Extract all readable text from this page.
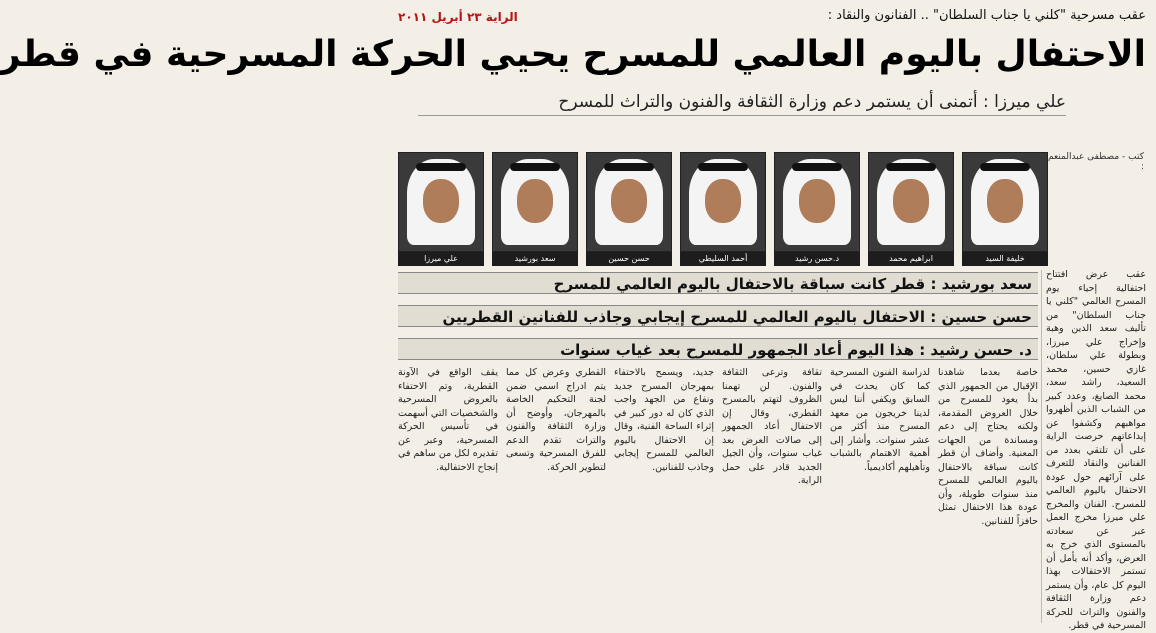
الراية ٢٣ أبريل ٢٠١١	عقب مسرحية "كلني يا جناب السلطان" .. الفنانون والنقاد :
الاحتفال باليوم العالمي للمسرح يحيي الحركة المسرحية في قطر
علي ميرزا : أتمنى أن يستمر دعم وزارة الثقافة والفنون والتراث للمسرح
كتب - مصطفى عبدالمنعم :
خليفة السيد
ابراهيم محمد
د.حسن رشيد
أحمد السليطي
حسن حسين
سعد بورشيد
علي ميرزا

عقب عرض افتتاح احتفالية إحياء يوم المسرح العالمي "كلني يا جناب السلطان" من تأليف سعد الدين وهبة وإخراج علي ميرزا، وبطولة علي سلطان، غازي حسين، محمد السعيد، راشد سعد، محمد الصايغ، وعدد كبير من الشباب الذين أظهروا مواهبهم وكشفوا عن إبداعاتهم حرصت الراية على أن تلتقي بعدد من الفنانين والنقاد للتعرف على آرائهم حول عودة الاحتفال باليوم العالمي للمسرح. الفنان والمخرج علي ميرزا مخرج العمل عبر عن سعادته بالمستوى الذي خرج به العرض، وأكد أنه يأمل أن تستمر الاحتفالات بهذا اليوم كل عام، وأن يستمر دعم وزارة الثقافة والفنون والتراث للحركة المسرحية في قطر.

سعد بورشيد : قطر كانت سباقة بالاحتفال باليوم العالمي للمسرح
حسن حسين : الاحتفال باليوم العالمي للمسرح إيجابي وجاذب للفنانين القطريين
د. حسن رشيد : هذا اليوم أعاد الجمهور للمسرح بعد غياب سنوات

خاصة بعدما شاهدنا الإقبال من الجمهور الذي بدأ يعود للمسرح من خلال العروض المقدمة، ولكنه يحتاج إلى دعم ومساندة من الجهات المعنية. وأضاف أن قطر كانت سباقة بالاحتفال باليوم العالمي للمسرح منذ سنوات طويلة، وأن عودة هذا الاحتفال تمثل حافزاً للفنانين.

لدراسة الفنون المسرحية كما كان يحدث في السابق ويكفي أننا ليس لدينا خريجون من معهد المسرح منذ أكثر من عشر سنوات. وأشار إلى أهمية الاهتمام بالشباب وتأهيلهم أكاديمياً.

تقافة وترعى الثقافة والفنون. لن تهمنا الظروف لتهتم بالمسرح القطري، وقال إن الاحتفال أعاد الجمهور إلى صالات العرض بعد غياب سنوات، وأن الجيل الجديد قادر على حمل الراية.

جديد، ويسمح بالاحتفاء بمهرجان المسرح جديد ونفاع من الجهد واجب الذي كان له دور كبير في إثراء الساحة الفنية، وقال إن الاحتفال باليوم العالمي للمسرح إيجابي وجاذب للفنانين.

القطري وعرض كل مما يتم ادراج اسمي ضمن لجنة التحكيم الخاصة بالمهرجان، وأوضح أن وزارة الثقافة والفنون والتراث تقدم الدعم للفرق المسرحية وتسعى لتطوير الحركة.

يقف الواقع في الآونة القطرية، وتم الاحتفاء بالعروض المسرحية والشخصيات التي أسهمت في تأسيس الحركة المسرحية، وعبر عن تقديره لكل من ساهم في إنجاح الاحتفالية.
